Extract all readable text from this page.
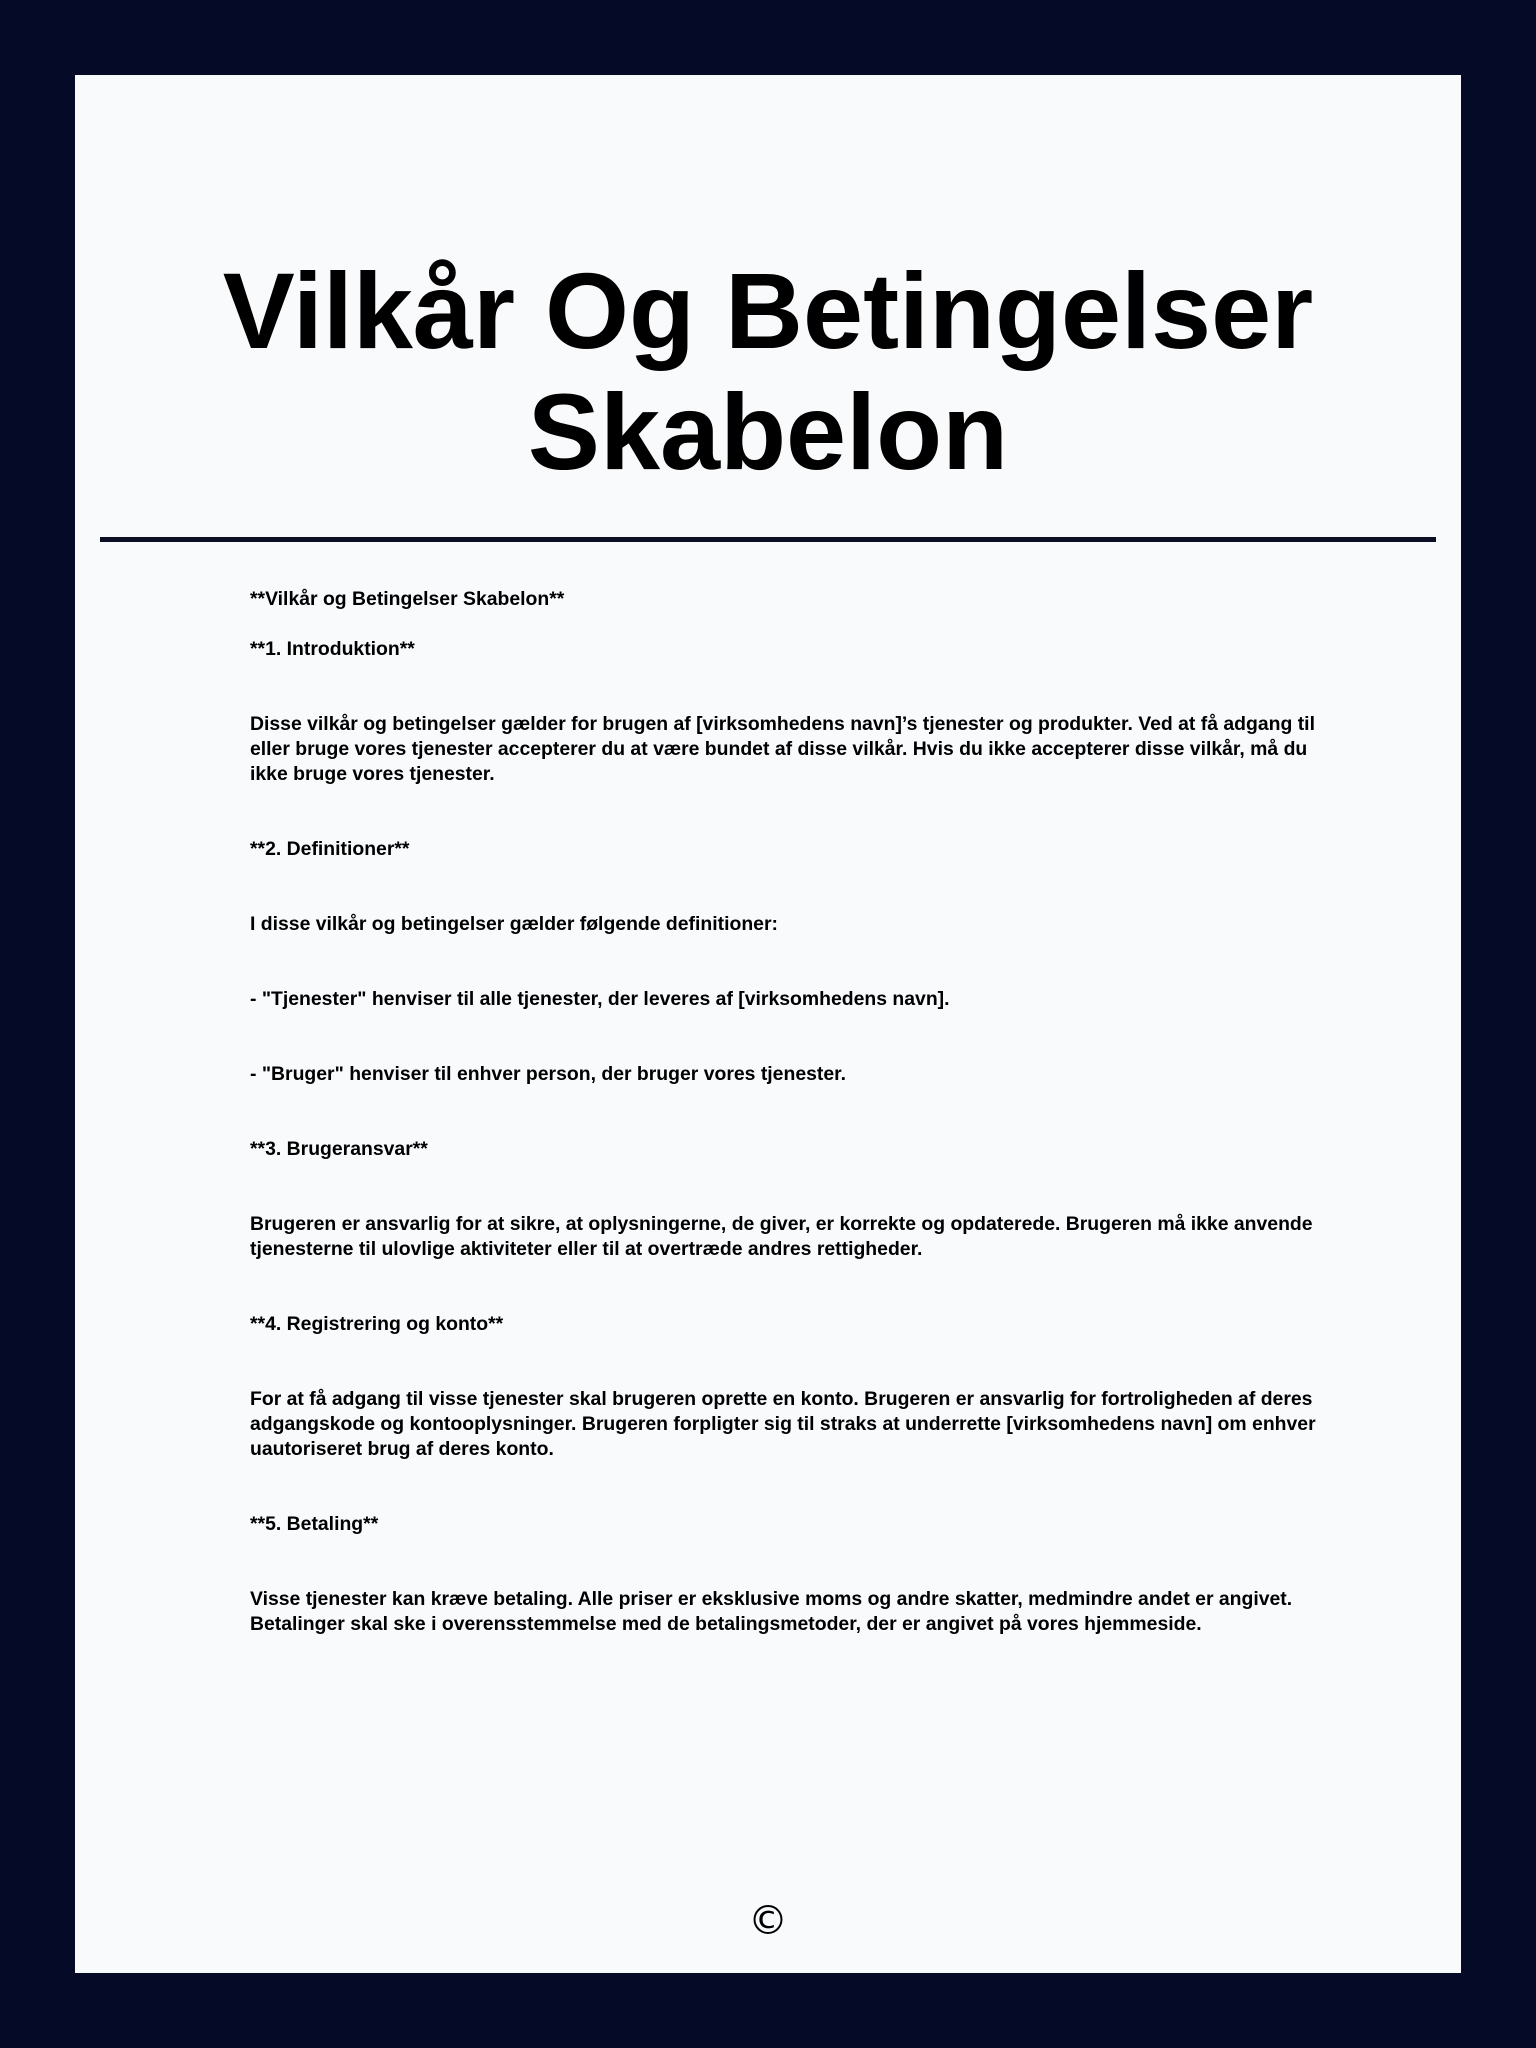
Vilkår Og Betingelser Skabelon

**Vilkår og Betingelser Skabelon**

**1. Introduktion**

Disse vilkår og betingelser gælder for brugen af [virksomhedens navn]’s tjenester og produkter. Ved at få adgang til eller bruge vores tjenester accepterer du at være bundet af disse vilkår. Hvis du ikke accepterer disse vilkår, må du ikke bruge vores tjenester.

**2. Definitioner**

I disse vilkår og betingelser gælder følgende definitioner:

- "Tjenester" henviser til alle tjenester, der leveres af [virksomhedens navn].

- "Bruger" henviser til enhver person, der bruger vores tjenester.

**3. Brugeransvar**

Brugeren er ansvarlig for at sikre, at oplysningerne, de giver, er korrekte og opdaterede. Brugeren må ikke anvende tjenesterne til ulovlige aktiviteter eller til at overtræde andres rettigheder.

**4. Registrering og konto**

For at få adgang til visse tjenester skal brugeren oprette en konto. Brugeren er ansvarlig for fortroligheden af deres adgangskode og kontooplysninger. Brugeren forpligter sig til straks at underrette [virksomhedens navn] om enhver uautoriseret brug af deres konto.

**5. Betaling**

Visse tjenester kan kræve betaling. Alle priser er eksklusive moms og andre skatter, medmindre andet er angivet. Betalinger skal ske i overensstemmelse med de betalingsmetoder, der er angivet på vores hjemmeside.

©
